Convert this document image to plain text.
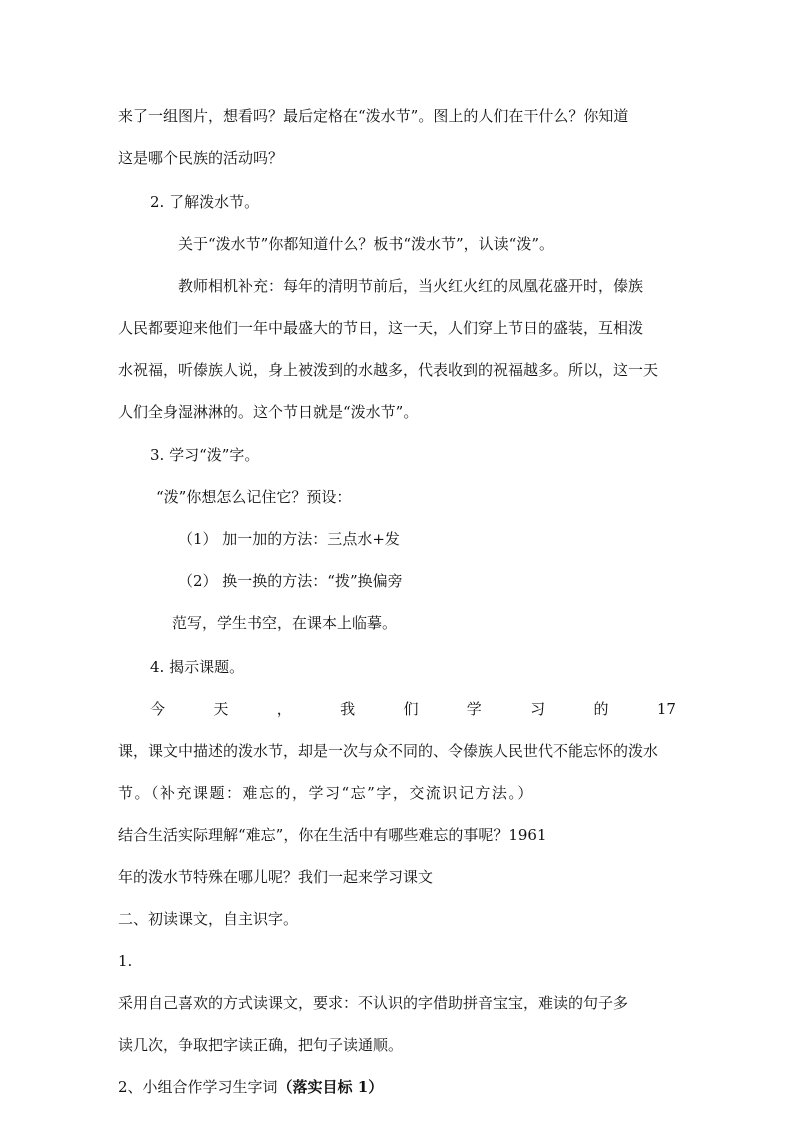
来了一组图片，想看吗？最后定格在“泼水节”。图上的人们在干什么？你知道
这是哪个民族的活动吗？
2. 了解泼水节。
关于“泼水节”你都知道什么？板书“泼水节”，认读“泼”。
教师相机补充：每年的清明节前后，当火红火红的凤凰花盛开时，傣族
人民都要迎来他们一年中最盛大的节日，这一天，人们穿上节日的盛装，互相泼
水祝福，听傣族人说，身上被泼到的水越多，代表收到的祝福越多。所以，这一天
人们全身湿淋淋的。这个节日就是“泼水节”。
3. 学习“泼”字。
“泼”你想怎么记住它？预设：
（1） 加一加的方法：三点水+发
（2） 换一换的方法：“拨”换偏旁
范写，学生书空，在课本上临摹。
4. 揭示课题。
今	天	，	我	们	学	习	的	17
课，课文中描述的泼水节，却是一次与众不同的、令傣族人民世代不能忘怀的泼水
节。（补充课题：难忘的，学习“忘”字，交流识记方法。）
结合生活实际理解“难忘”，你在生活中有哪些难忘的事呢？1961
年的泼水节特殊在哪儿呢？我们一起来学习课文
二、初读课文，自主识字。
1.
采用自己喜欢的方式读课文，要求：不认识的字借助拼音宝宝，难读的句子多
读几次，争取把字读正确，把句子读通顺。
2、小组合作学习生字词（落实目标 1）
